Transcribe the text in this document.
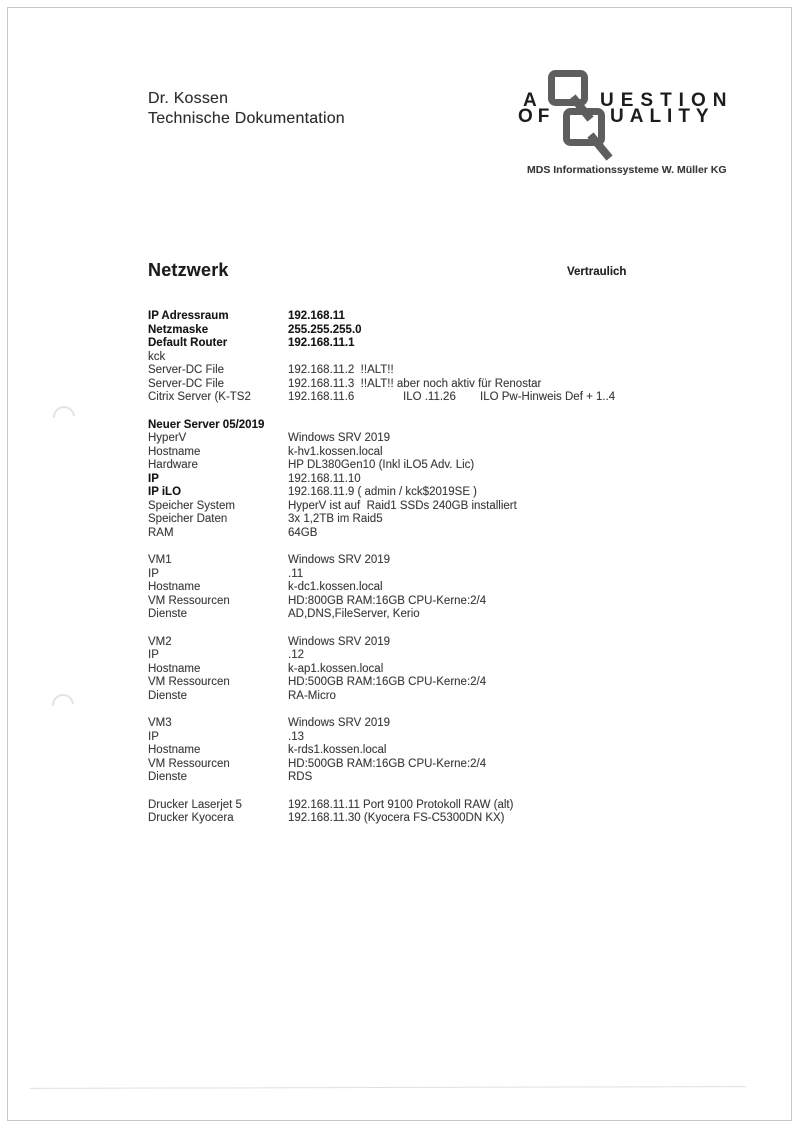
Dr. Kossen
Technische Dokumentation
A	UESTION
OF	UALITY
MDS Informationssysteme W. Müller KG
Netzwerk	Vertraulich
IP Adressraum	192.168.11
Netzmaske	255.255.255.0
Default Router	192.168.11.1
kck
Server-DC File	192.168.11.2  !!ALT!!
Server-DC File	192.168.11.3  !!ALT!! aber noch aktiv für Renostar
Citrix Server (K-TS2	192.168.11.6	ILO .11.26	ILO Pw-Hinweis Def + 1..4
Neuer Server 05/2019
HyperV	Windows SRV 2019
Hostname	k-hv1.kossen.local
Hardware	HP DL380Gen10 (Inkl iLO5 Adv. Lic)
IP	192.168.11.10
IP iLO	192.168.11.9 ( admin / kck$2019SE )
Speicher System	HyperV ist auf  Raid1 SSDs 240GB installiert
Speicher Daten	3x 1,2TB im Raid5
RAM	64GB
VM1	Windows SRV 2019
IP	.11
Hostname	k-dc1.kossen.local
VM Ressourcen	HD:800GB RAM:16GB CPU-Kerne:2/4
Dienste	AD,DNS,FileServer, Kerio
VM2	Windows SRV 2019
IP	.12
Hostname	k-ap1.kossen.local
VM Ressourcen	HD:500GB RAM:16GB CPU-Kerne:2/4
Dienste	RA-Micro
VM3	Windows SRV 2019
IP	.13
Hostname	k-rds1.kossen.local
VM Ressourcen	HD:500GB RAM:16GB CPU-Kerne:2/4
Dienste	RDS
Drucker Laserjet 5	192.168.11.11 Port 9100 Protokoll RAW (alt)
Drucker Kyocera	192.168.11.30 (Kyocera FS-C5300DN KX)
